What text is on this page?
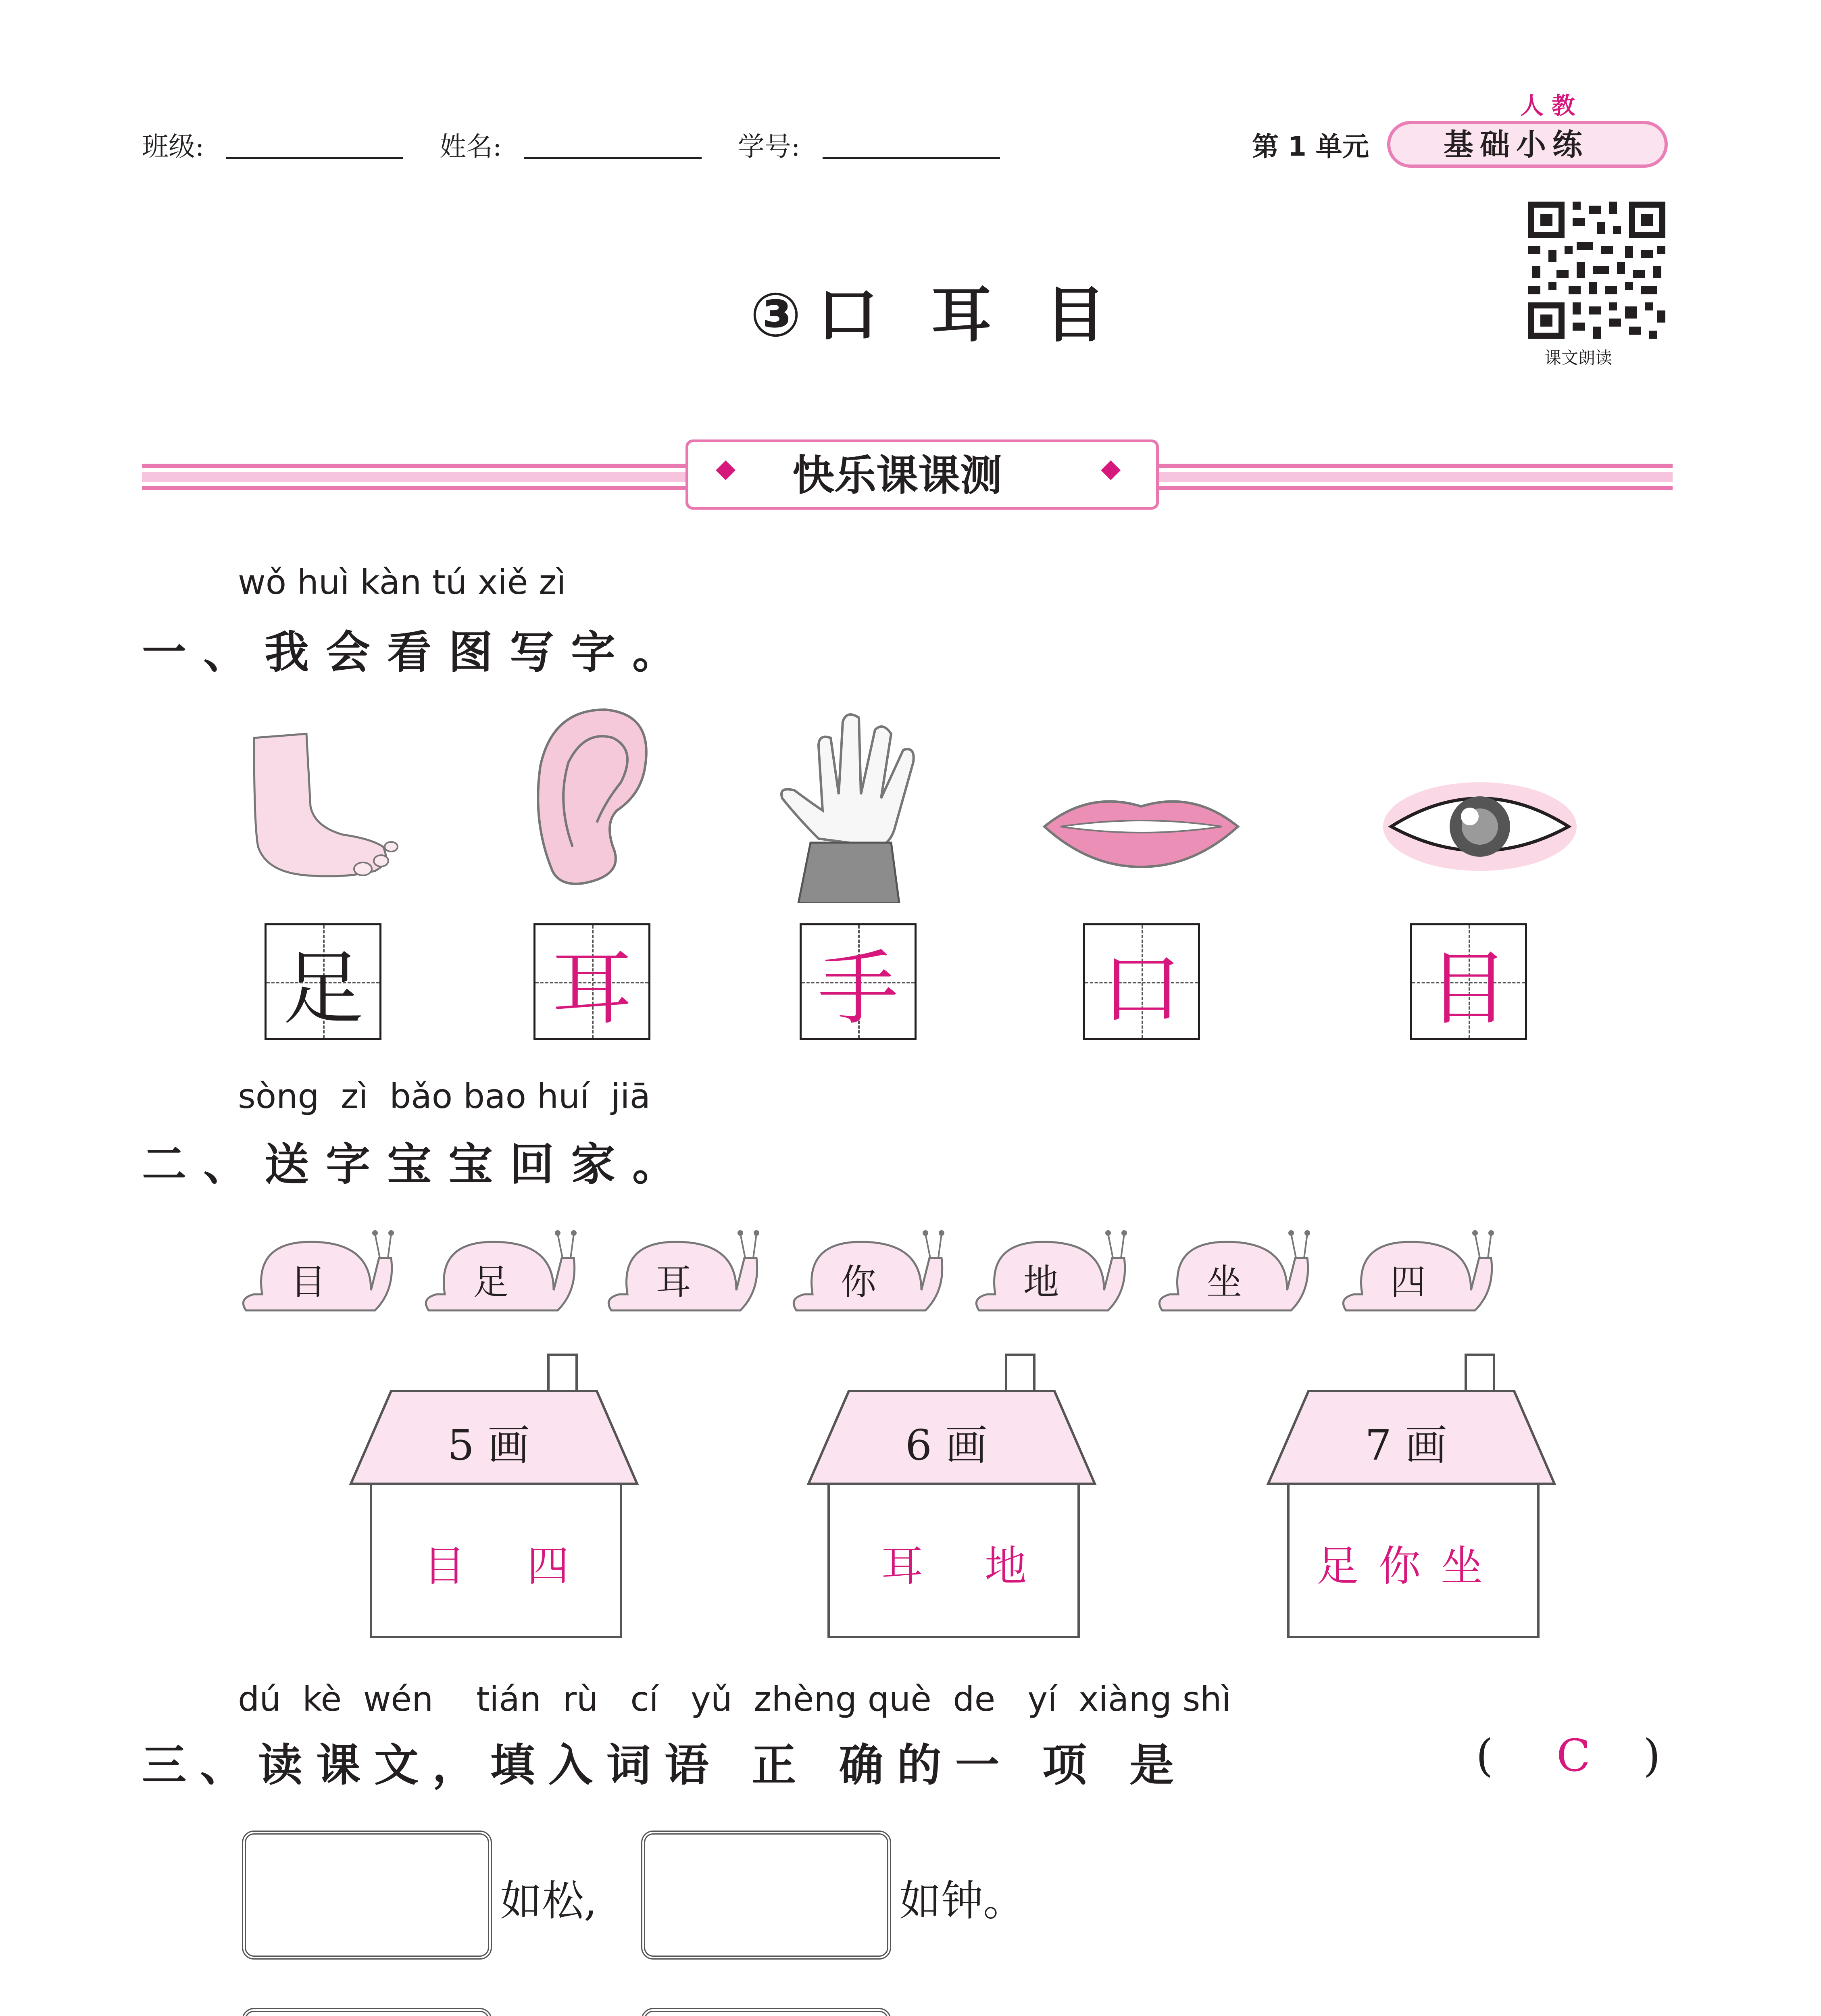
班级:	姓名:	学号:	第 1 单元
人教
基础小练
课文朗读
③口 耳 目
◆	◆
快乐课课测
wǒ huì kàn tú xiě zì
一、我会看图写字。
足 耳 手	口	目
sòng  zì  bǎo bao huí  jiā
二、送字宝宝回家。
目	足	耳	你	地	坐	四
5 画
目 四
6 画
耳 地
7 画
足你坐
dú  kè  wén    tián  rù   cí   yǔ  zhèng què  de   yí  xiàng shì
三、读课文，填入词语 正 确的一 项 是	( C )
如松,	如钟。
